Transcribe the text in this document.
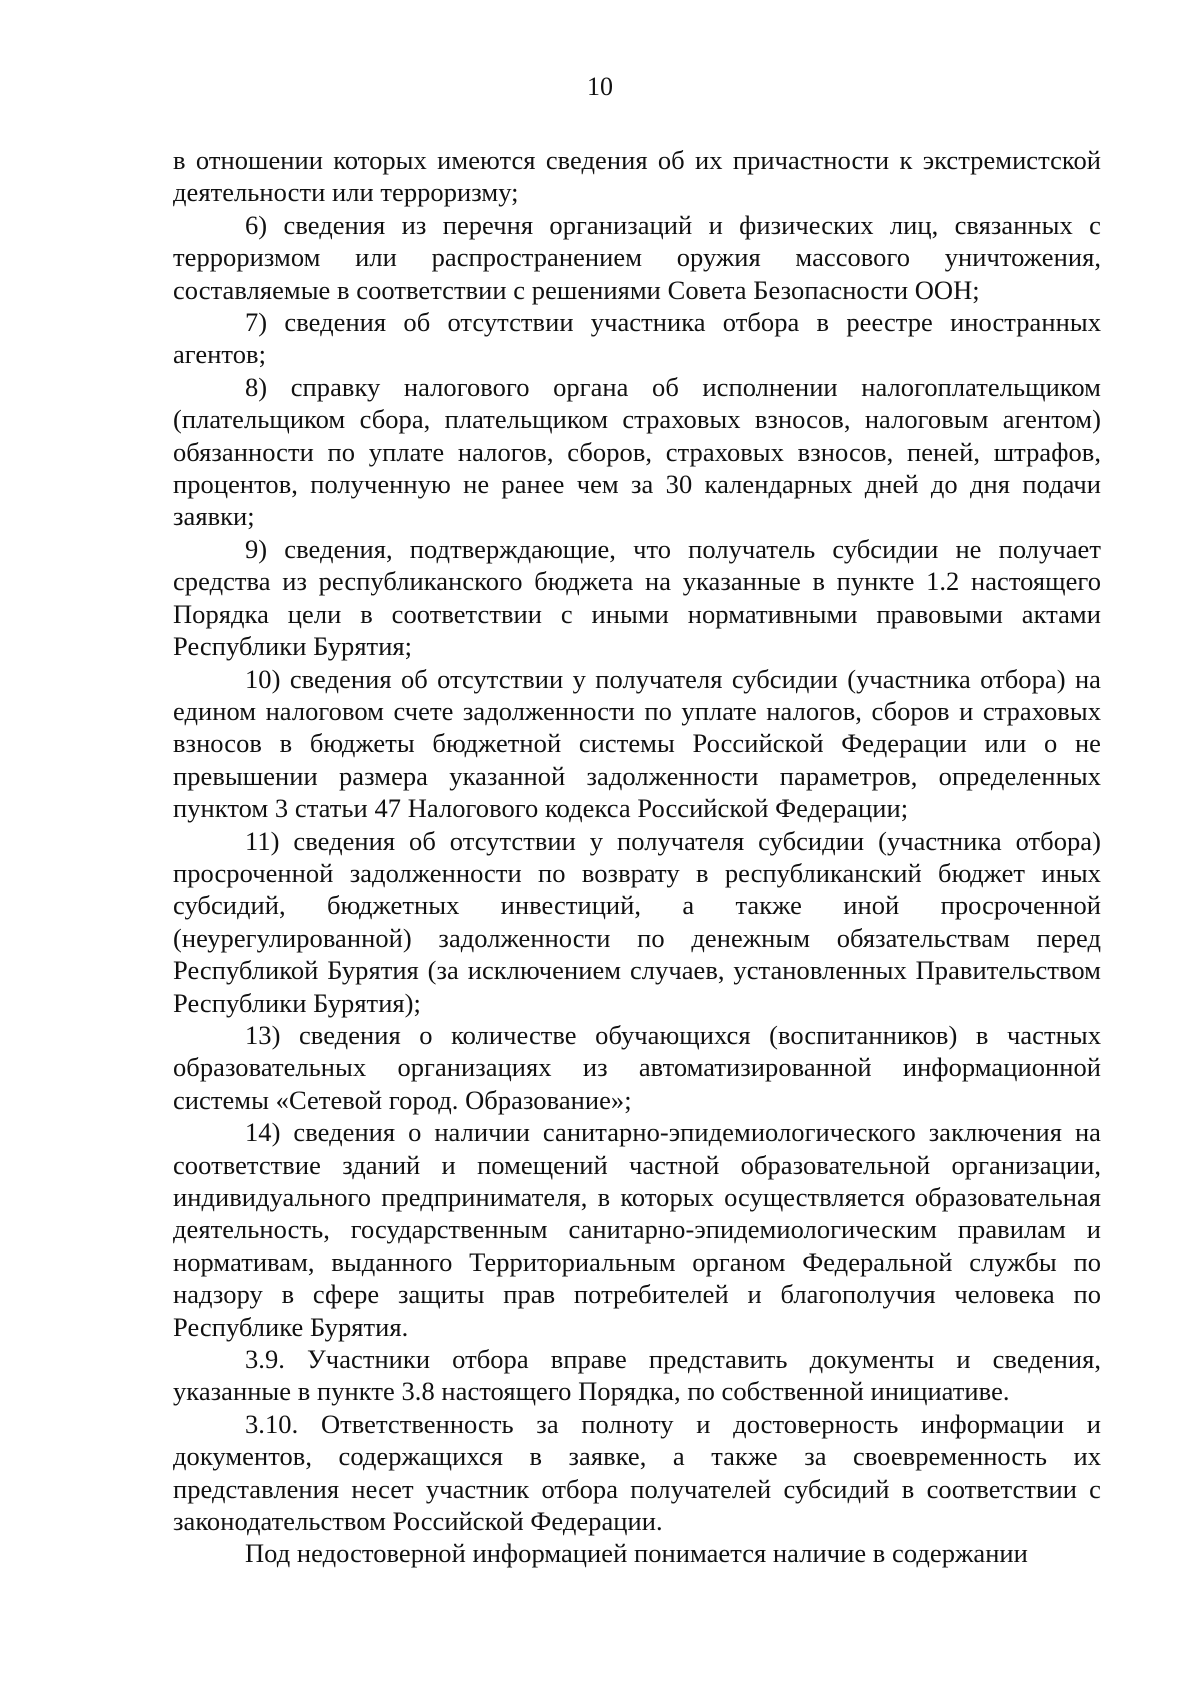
10

в отношении которых имеются сведения об их причастности к экстремистской деятельности или терроризму;

6) сведения из перечня организаций и физических лиц, связанных с терроризмом или распространением оружия массового уничтожения, составляемые в соответствии с решениями Совета Безопасности ООН;

7) сведения об отсутствии участника отбора в реестре иностранных агентов;

8) справку налогового органа об исполнении налогоплательщиком (плательщиком сбора, плательщиком страховых взносов, налоговым агентом) обязанности по уплате налогов, сборов, страховых взносов, пеней, штрафов, процентов, полученную не ранее чем за 30 календарных дней до дня подачи заявки;

9) сведения, подтверждающие, что получатель субсидии не получает средства из республиканского бюджета на указанные в пункте 1.2 настоящего Порядка цели в соответствии с иными нормативными правовыми актами Республики Бурятия;

10) сведения об отсутствии у получателя субсидии (участника отбора) на едином налоговом счете задолженности по уплате налогов, сборов и страховых взносов в бюджеты бюджетной системы Российской Федерации или о не превышении размера указанной задолженности параметров, определенных пунктом 3 статьи 47 Налогового кодекса Российской Федерации;

11) сведения об отсутствии у получателя субсидии (участника отбора) просроченной задолженности по возврату в республиканский бюджет иных субсидий, бюджетных инвестиций, а также иной просроченной (неурегулированной) задолженности по денежным обязательствам перед Республикой Бурятия (за исключением случаев, установленных Правительством Республики Бурятия);

13) сведения о количестве обучающихся (воспитанников) в частных образовательных организациях из автоматизированной информационной системы «Сетевой город. Образование»;

14) сведения о наличии санитарно-эпидемиологического заключения на соответствие зданий и помещений частной образовательной организации, индивидуального предпринимателя, в которых осуществляется образовательная деятельность, государственным санитарно-эпидемиологическим правилам и нормативам, выданного Территориальным органом Федеральной службы по надзору в сфере защиты прав потребителей и благополучия человека по Республике Бурятия.

3.9. Участники отбора вправе представить документы и сведения, указанные в пункте 3.8 настоящего Порядка, по собственной инициативе.

3.10. Ответственность за полноту и достоверность информации и документов, содержащихся в заявке, а также за своевременность их представления несет участник отбора получателей субсидий в соответствии с законодательством Российской Федерации.

Под недостоверной информацией понимается наличие в содержании
